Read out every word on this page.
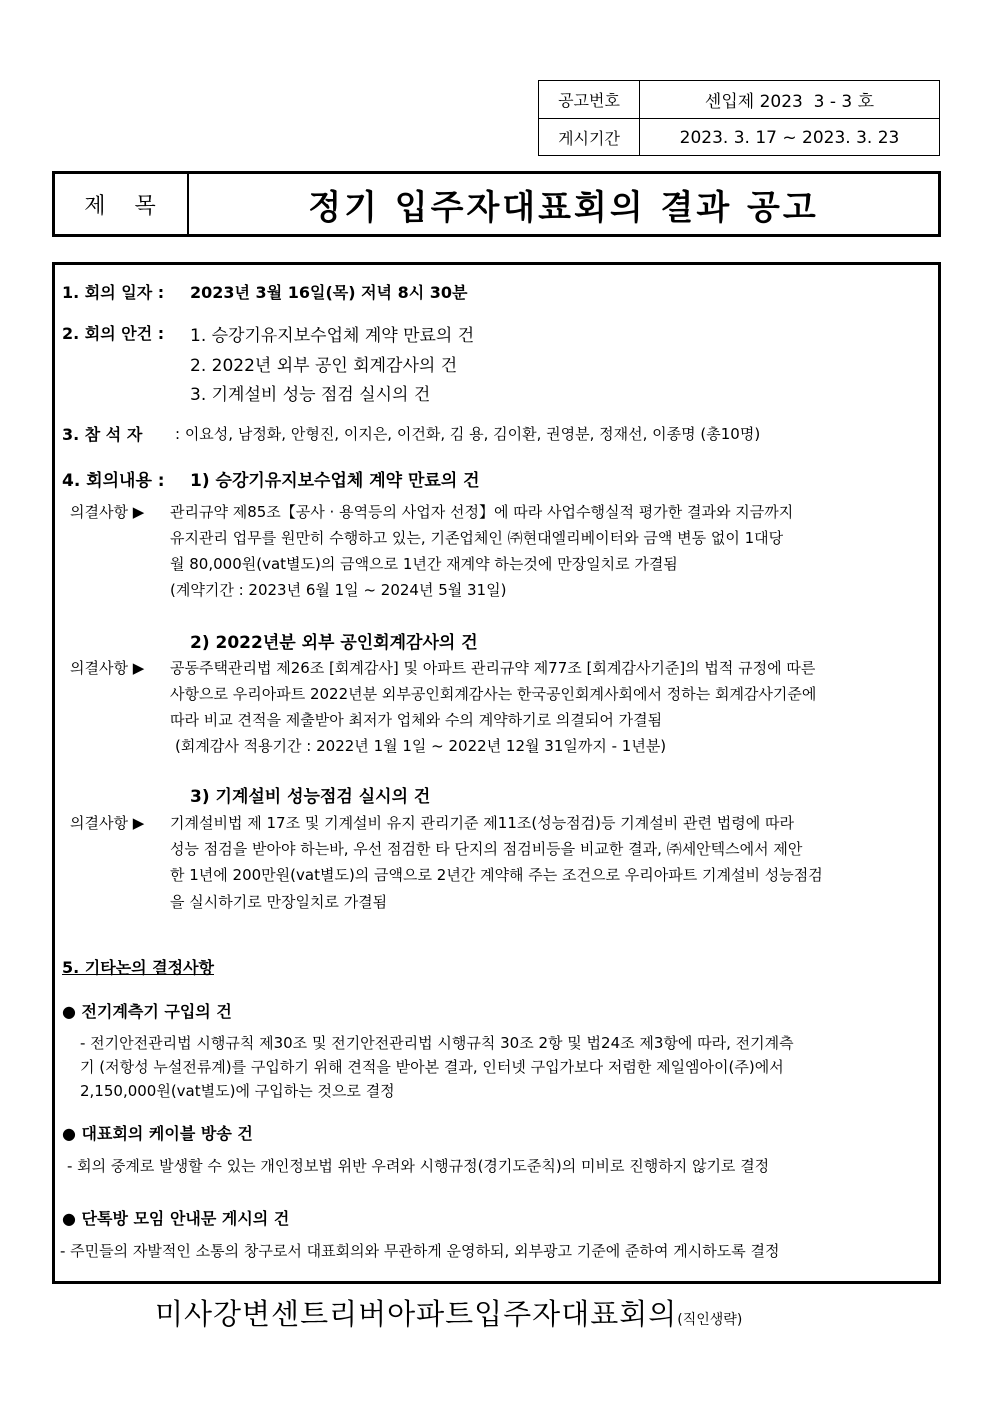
공고번호	센입제 2023  3 - 3 호
게시기간	2023. 3. 17 ~ 2023. 3. 23
제   목	정기 입주자대표회의 결과 공고
1. 회의 일자 : 2023년 3월 16일(목) 저녁 8시 30분
2. 회의 안건 : 1. 승강기유지보수업체 계약 만료의 건
2. 2022년 외부 공인 회계감사의 건
3. 기계설비 성능 점검 실시의 건
3. 참 석 자 : 이요성, 남정화, 안형진, 이지은, 이건화, 김 용, 김이환, 권영분, 정재선, 이종명 (총10명)
4. 회의내용 : 1) 승강기유지보수업체 계약 만료의 건
의결사항 ▶ 관리규약 제85조【공사 · 용역등의 사업자 선정】에 따라 사업수행실적 평가한 결과와 지금까지
유지관리 업무를 원만히 수행하고 있는, 기존업체인 ㈜현대엘리베이터와 금액 변동 없이 1대당
월 80,000원(vat별도)의 금액으로 1년간 재계약 하는것에 만장일치로 가결됨
(계약기간 : 2023년 6월 1일 ~ 2024년 5월 31일)
2) 2022년분 외부 공인회계감사의 건
의결사항 ▶ 공동주택관리법 제26조 [회계감사] 및 아파트 관리규약 제77조 [회계감사기준]의 법적 규정에 따른
사항으로 우리아파트 2022년분 외부공인회계감사는 한국공인회계사회에서 정하는 회계감사기준에
따라 비교 견적을 제출받아 최저가 업체와 수의 계약하기로 의결되어 가결됨
(회계감사 적용기간 : 2022년 1월 1일 ~ 2022년 12월 31일까지 - 1년분)
3) 기계설비 성능점검 실시의 건
의결사항 ▶ 기계설비법 제 17조 및 기계설비 유지 관리기준 제11조(성능점검)등 기계설비 관련 법령에 따라
성능 점검을 받아야 하는바, 우선 점검한 타 단지의 점검비등을 비교한 결과, ㈜세안텍스에서 제안
한 1년에 200만원(vat별도)의 금액으로 2년간 계약해 주는 조건으로 우리아파트 기계설비 성능점검
을 실시하기로 만장일치로 가결됨
5. 기타논의 결정사항
● 전기계측기 구입의 건
- 전기안전관리법 시행규칙 제30조 및 전기안전관리법 시행규칙 30조 2항 및 법24조 제3항에 따라, 전기계측
기 (저항성 누설전류계)를 구입하기 위해 견적을 받아본 결과, 인터넷 구입가보다 저렴한 제일엠아이(주)에서
2,150,000원(vat별도)에 구입하는 것으로 결정
● 대표회의 케이블 방송 건
- 회의 중계로 발생할 수 있는 개인정보법 위반 우려와 시행규정(경기도준칙)의 미비로 진행하지 않기로 결정
● 단톡방 모임 안내문 게시의 건
- 주민들의 자발적인 소통의 창구로서 대표회의와 무관하게 운영하되, 외부광고 기준에 준하여 게시하도록 결정
미사강변센트리버아파트입주자대표회의(직인생략)
